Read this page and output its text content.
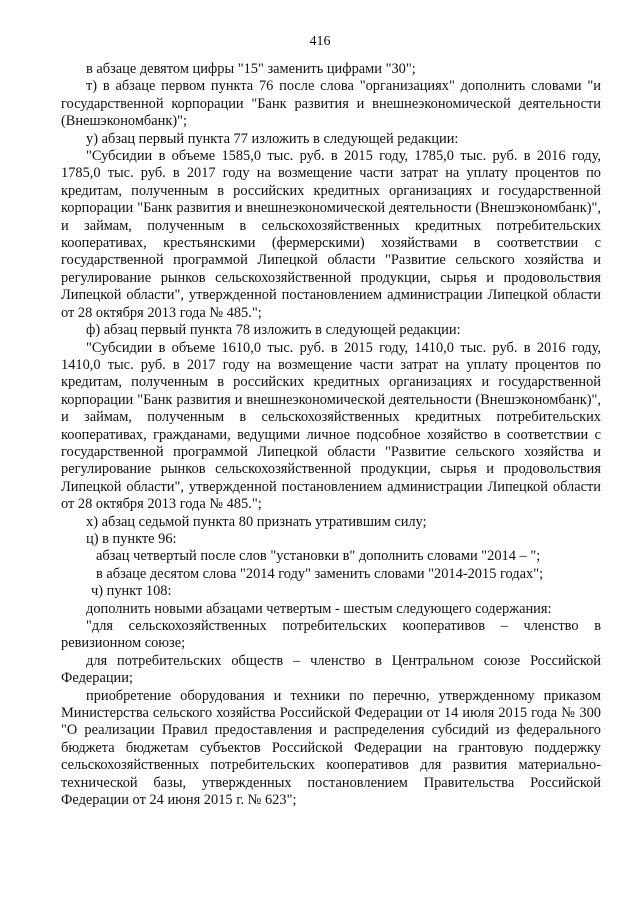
416

в абзаце девятом цифры "15" заменить цифрами "30";

т) в абзаце первом пункта 76 после слова "организациях" дополнить словами "и государственной корпорации "Банк развития и внешнеэкономической деятельности (Внешэкономбанк)";

у) абзац первый пункта 77 изложить в следующей редакции:

"Субсидии в объеме 1585,0 тыс. руб. в 2015 году, 1785,0 тыс. руб. в 2016 году, 1785,0 тыс. руб. в 2017 году на возмещение части затрат на уплату процентов по кредитам, полученным в российских кредитных организациях и государственной корпорации "Банк развития и внешнеэкономической деятельности (Внешэкономбанк)", и займам, полученным в сельскохозяйственных кредитных потребительских кооперативах, крестьянскими (фермерскими) хозяйствами в соответствии с государственной программой Липецкой области "Развитие сельского хозяйства и регулирование рынков сельскохозяйственной продукции, сырья и продовольствия Липецкой области", утвержденной постановлением администрации Липецкой области от 28 октября 2013 года № 485.";

ф) абзац первый пункта 78 изложить в следующей редакции:

"Субсидии в объеме 1610,0 тыс. руб. в 2015 году, 1410,0 тыс. руб. в 2016 году, 1410,0 тыс. руб. в 2017 году на возмещение части затрат на уплату процентов по кредитам, полученным в российских кредитных организациях и государственной корпорации "Банк развития и внешнеэкономической деятельности (Внешэкономбанк)", и займам, полученным в сельскохозяйственных кредитных потребительских кооперативах, гражданами, ведущими личное подсобное хозяйство в соответствии с государственной программой Липецкой области "Развитие сельского хозяйства и регулирование рынков сельскохозяйственной продукции, сырья и продовольствия Липецкой области", утвержденной постановлением администрации Липецкой области от 28 октября 2013 года № 485.";

х) абзац седьмой пункта 80 признать утратившим силу;

ц) в пункте 96:

абзац четвертый после слов "установки в" дополнить словами "2014 – ";

в абзаце десятом слова "2014 году" заменить словами "2014-2015 годах";

ч) пункт 108:

дополнить новыми абзацами четвертым - шестым следующего содержания:

"для сельскохозяйственных потребительских кооперативов – членство в ревизионном союзе;

для потребительских обществ – членство в Центральном союзе Российской Федерации;

приобретение оборудования и техники по перечню, утвержденному приказом Министерства сельского хозяйства Российской Федерации от 14 июля 2015 года № 300 "О реализации Правил предоставления и распределения субсидий из федерального бюджета бюджетам субъектов Российской Федерации на грантовую поддержку сельскохозяйственных потребительских кооперативов для развития материально-технической базы, утвержденных постановлением Правительства Российской Федерации от 24 июня 2015 г. № 623";
